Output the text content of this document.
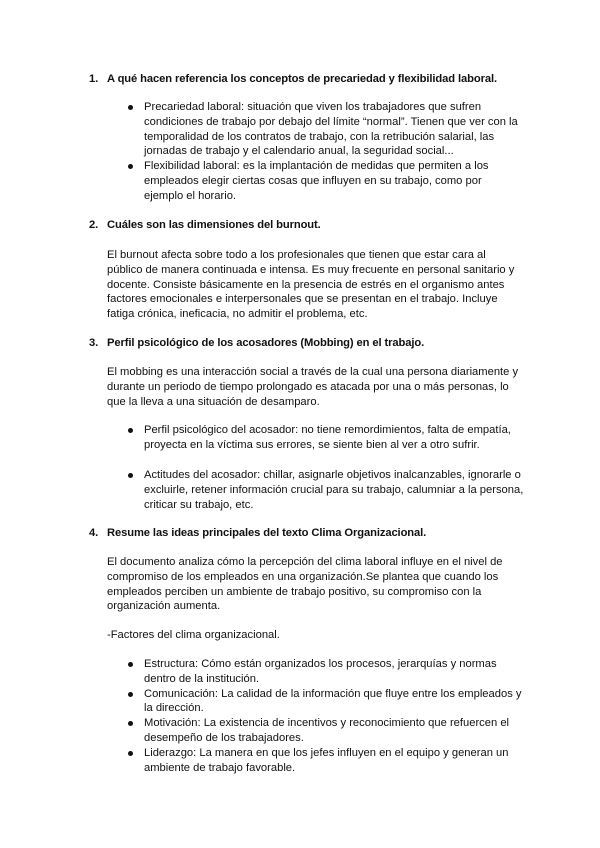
1. A qué hacen referencia los conceptos de precariedad y flexibilidad laboral.
Precariedad laboral: situación que viven los trabajadores que sufren condiciones de trabajo por debajo del límite “normal”. Tienen que ver con la temporalidad de los contratos de trabajo, con la retribución salarial, las jornadas de trabajo y el calendario anual, la seguridad social...
Flexibilidad laboral: es la implantación de medidas que permiten a los empleados elegir ciertas cosas que influyen en su trabajo, como por ejemplo el horario.
2. Cuáles son las dimensiones del burnout.

El burnout afecta sobre todo a los profesionales que tienen que estar cara al público de manera continuada e intensa. Es muy frecuente en personal sanitario y docente. Consiste básicamente en la presencia de estrés en el organismo antes factores emocionales e interpersonales que se presentan en el trabajo. Incluye fatiga crónica, ineficacia, no admitir el problema, etc.

3. Perfil psicológico de los acosadores (Mobbing) en el trabajo.

El mobbing es una interacción social a través de la cual una persona diariamente y durante un periodo de tiempo prolongado es atacada por una o más personas, lo que la lleva a una situación de desamparo.

Perfil psicológico del acosador: no tiene remordimientos, falta de empatía, proyecta en la víctima sus errores, se siente bien al ver a otro sufrir.
Actitudes del acosador: chillar, asignarle objetivos inalcanzables, ignorarle o excluirle, retener información crucial para su trabajo, calumniar a la persona, criticar su trabajo, etc.
4. Resume las ideas principales del texto Clima Organizacional.

El documento analiza cómo la percepción del clima laboral influye en el nivel de compromiso de los empleados en una organización.Se plantea que cuando los empleados perciben un ambiente de trabajo positivo, su compromiso con la organización aumenta.

-Factores del clima organizacional.

Estructura: Cómo están organizados los procesos, jerarquías y normas dentro de la institución.
Comunicación: La calidad de la información que fluye entre los empleados y la dirección.
Motivación: La existencia de incentivos y reconocimiento que refuercen el desempeño de los trabajadores.
Liderazgo: La manera en que los jefes influyen en el equipo y generan un ambiente de trabajo favorable.
